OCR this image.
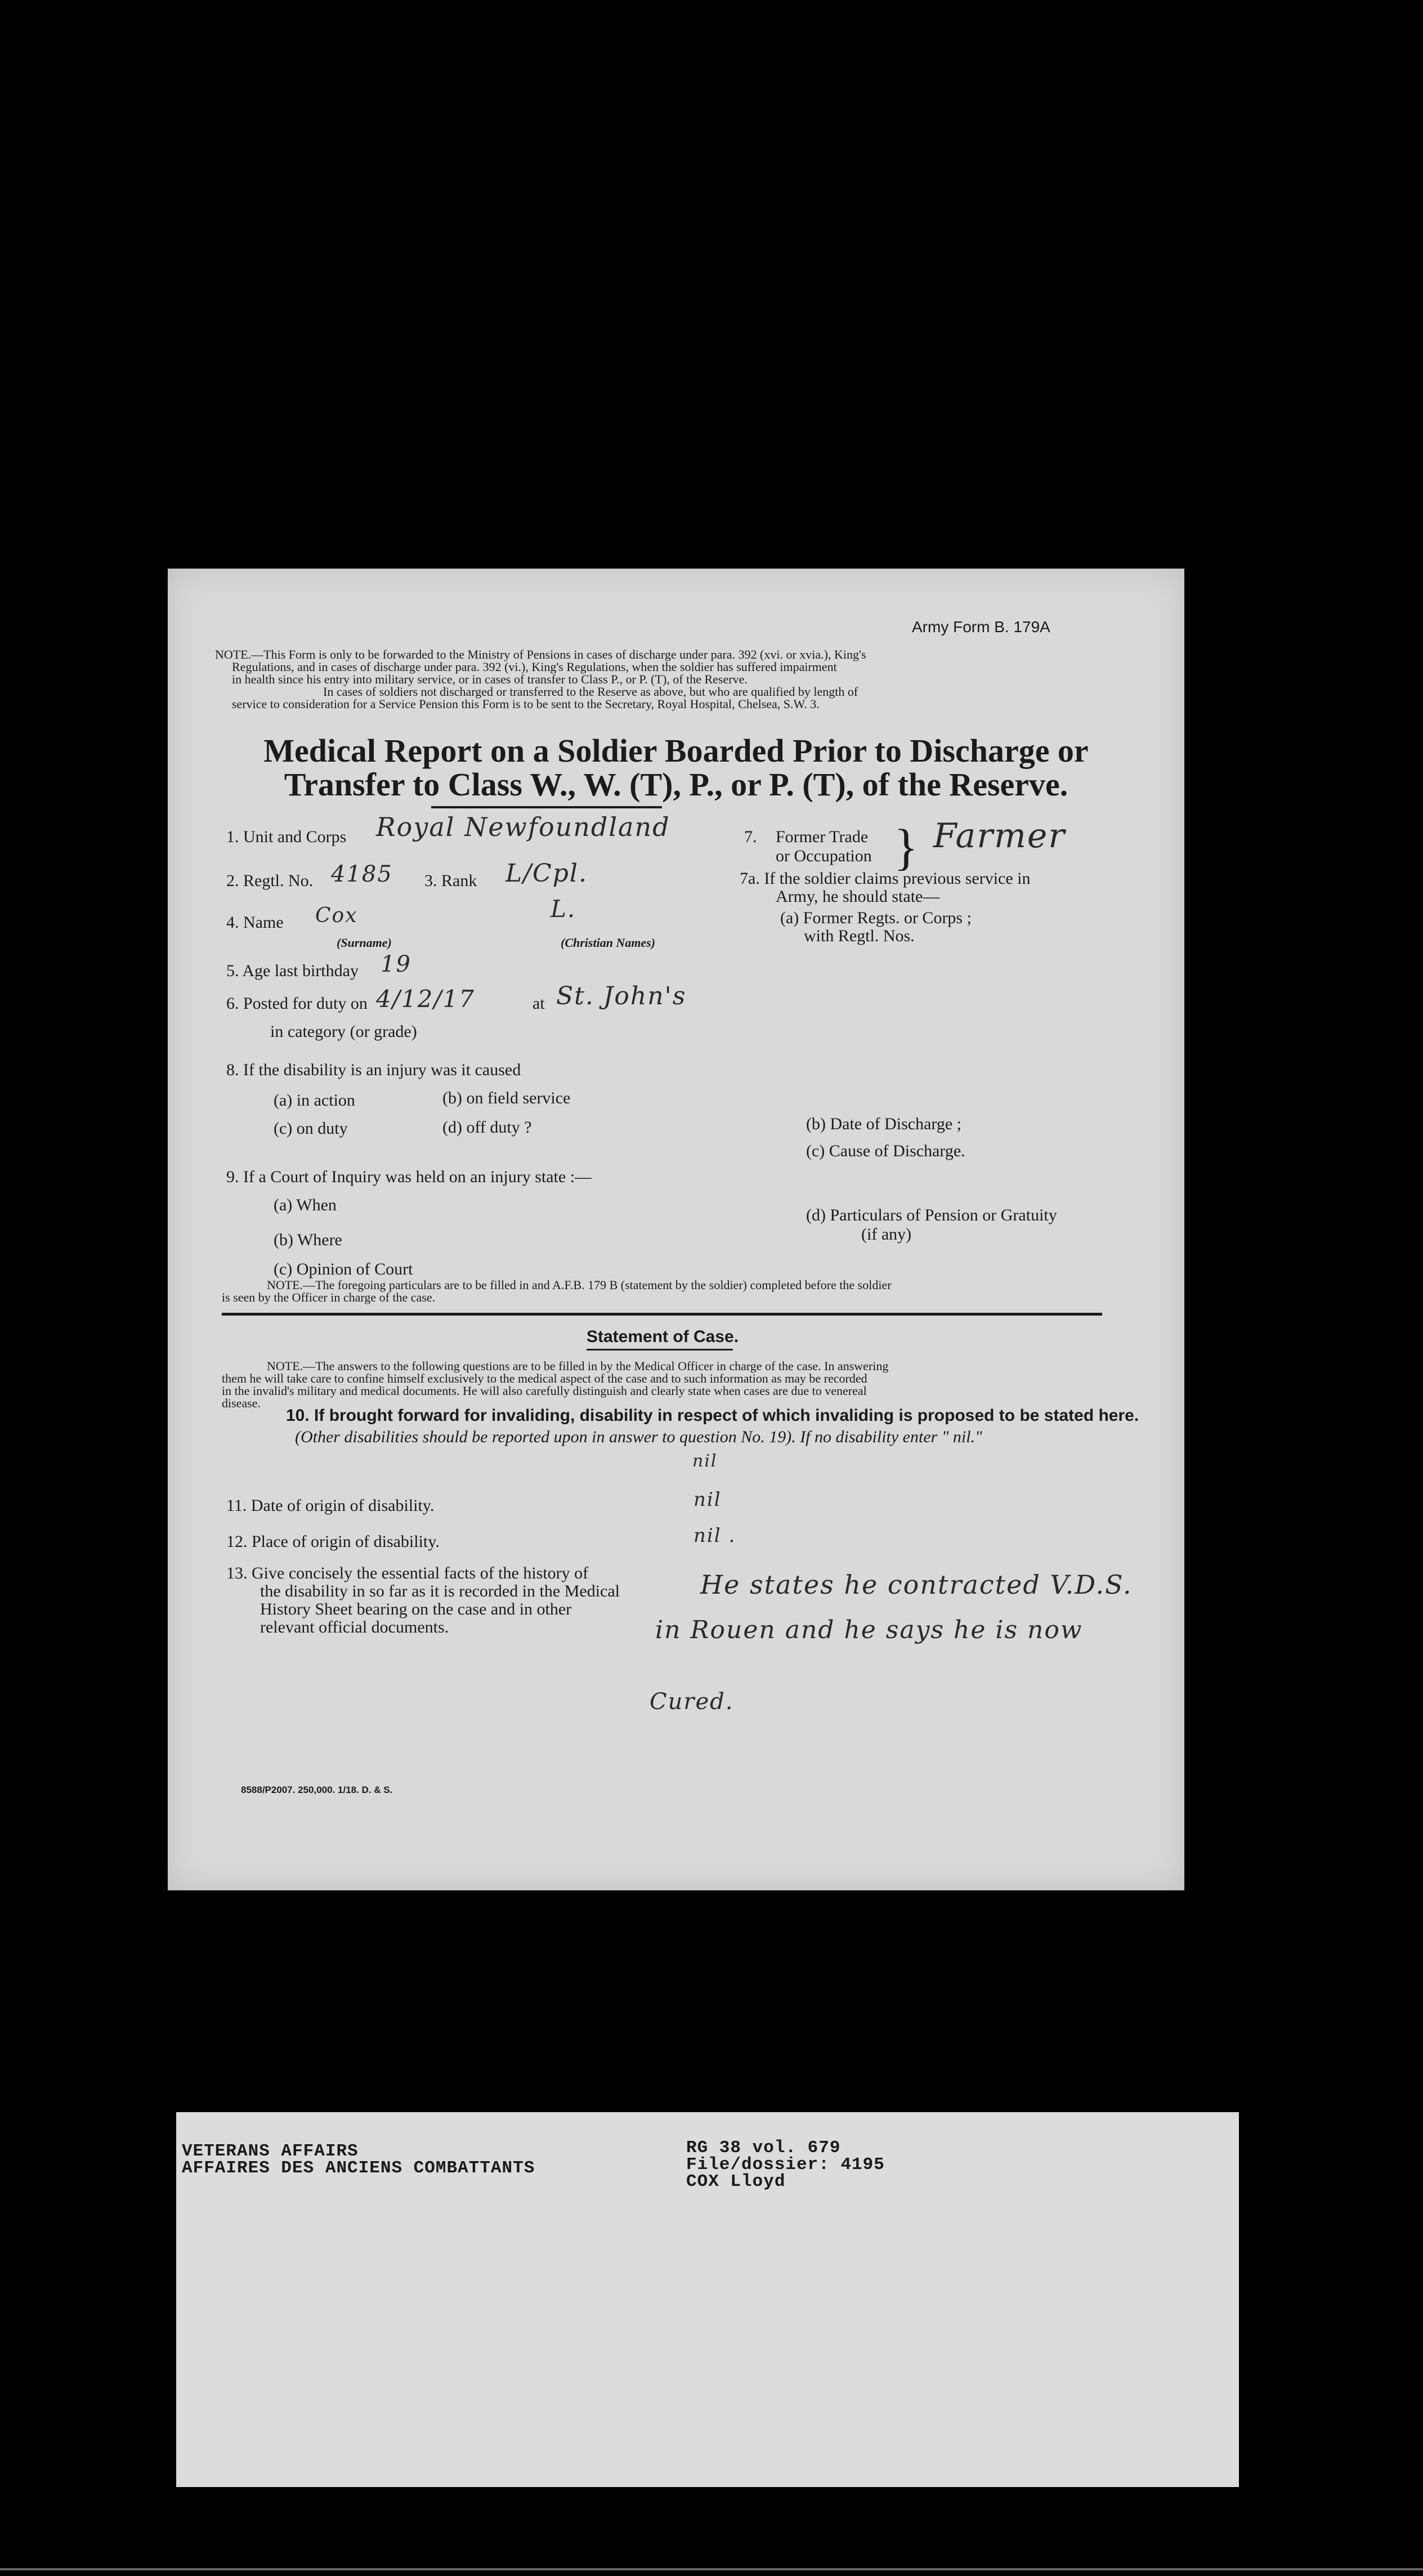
Army Form B. 179A
NOTE.—This Form is only to be forwarded to the Ministry of Pensions in cases of discharge under para. 392 (xvi. or xvia.), King's
Regulations, and in cases of discharge under para. 392 (vi.), King's Regulations, when the soldier has suffered impairment
in health since his entry into military service, or in cases of transfer to Class P., or P. (T), of the Reserve.
In cases of soldiers not discharged or transferred to the Reserve as above, but who are qualified by length of
service to consideration for a Service Pension this Form is to be sent to the Secretary, Royal Hospital, Chelsea, S.W. 3.
Medical Report on a Soldier Boarded Prior to Discharge or
Transfer to Class W., W. (T), P., or P. (T), of the Reserve.
1. Unit and Corps Royal Newfoundland
2. Regtl. No. 4185 3. Rank L/Cpl.
4. Name Cox	L.
(Surname)	(Christian Names)
5. Age last birthday 19
6. Posted for duty on 4/12/17	at St. John's
in category (or grade)
7. Former Trade
or Occupation } Farmer
7a. If the soldier claims previous service in
Army, he should state—
(a) Former Regts. or Corps ;
with Regtl. Nos.
8. If the disability is an injury was it caused
(a) in action	(b) on field service
(c) on duty	(d) off duty ?	(b) Date of Discharge ;
(c) Cause of Discharge.
9. If a Court of Inquiry was held on an injury state :—
(a) When
(b) Where
(c) Opinion of Court
(d) Particulars of Pension or Gratuity
(if any)
NOTE.—The foregoing particulars are to be filled in and A.F.B. 179 B (statement by the soldier) completed before the soldier
is seen by the Officer in charge of the case.
Statement of Case.
NOTE.—The answers to the following questions are to be filled in by the Medical Officer in charge of the case. In answering
them he will take care to confine himself exclusively to the medical aspect of the case and to such information as may be recorded
in the invalid's military and medical documents. He will also carefully distinguish and clearly state when cases are due to venereal
disease.
10. If brought forward for invaliding, disability in respect of which invaliding is proposed to be stated here.
(Other disabilities should be reported upon in answer to question No. 19). If no disability enter " nil."
nil
11. Date of origin of disability.	nil
12. Place of origin of disability.	nil .
13. Give concisely the essential facts of the history of
the disability in so far as it is recorded in the Medical
History Sheet bearing on the case and in other
relevant official documents.
He states he contracted V.D.S.
in Rouen and he says he is now
Cured.
8588/P2007. 250,000. 1/18. D. & S.
VETERANS AFFAIRS
AFFAIRES DES ANCIENS COMBATTANTS
RG 38 vol. 679
File/dossier: 4195
COX Lloyd
